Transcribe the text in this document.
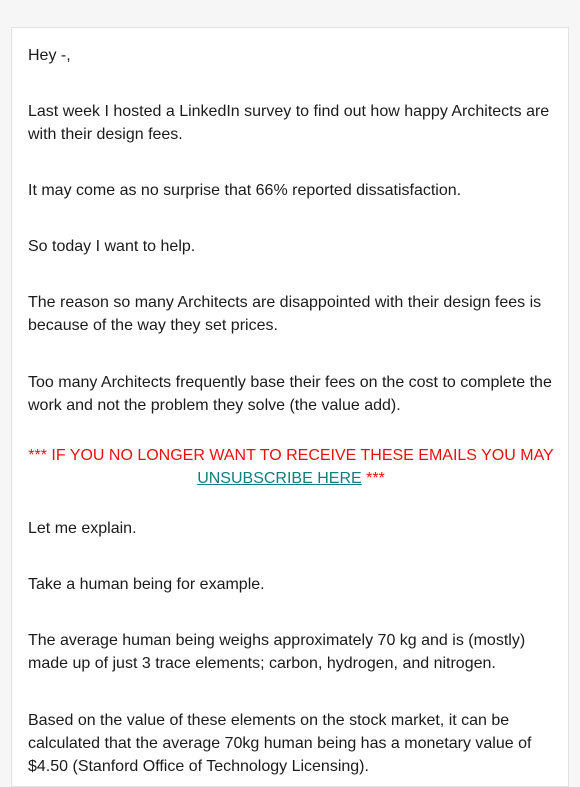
Hey -,

Last week I hosted a LinkedIn survey to find out how happy Architects are with their design fees.

It may come as no surprise that 66% reported dissatisfaction.

So today I want to help.

The reason so many Architects are disappointed with their design fees is because of the way they set prices.

Too many Architects frequently base their fees on the cost to complete the work and not the problem they solve (the value add).

*** IF YOU NO LONGER WANT TO RECEIVE THESE EMAILS YOU MAY
UNSUBSCRIBE HERE ***

Let me explain.

Take a human being for example.

The average human being weighs approximately 70 kg and is (mostly) made up of just 3 trace elements; carbon, hydrogen, and nitrogen.

Based on the value of these elements on the stock market, it can be calculated that the average 70kg human being has a monetary value of $4.50 (Stanford Office of Technology Licensing).
